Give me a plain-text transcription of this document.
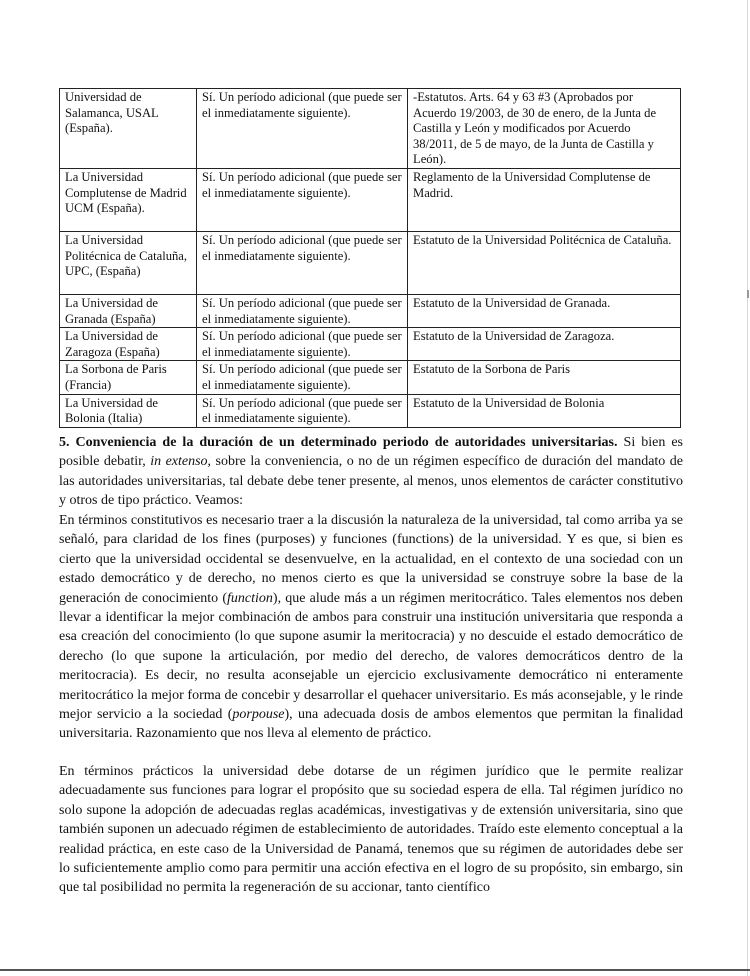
Universidad de Salamanca, USAL (España).	Sí. Un período adicional (que puede ser el inmediatamente siguiente).	-Estatutos. Arts. 64 y 63 #3 (Aprobados por Acuerdo 19/2003, de 30 de enero, de la Junta de Castilla y León y modificados por Acuerdo 38/2011, de 5 de mayo, de la Junta de Castilla y León).
La Universidad Complutense de Madrid UCM (España).	Sí. Un período adicional (que puede ser el inmediatamente siguiente).	Reglamento de la Universidad Complutense de Madrid.
La Universidad Politécnica de Cataluña, UPC, (España)	Sí. Un período adicional (que puede ser el inmediatamente siguiente).	Estatuto de la Universidad Politécnica de Cataluña.
La Universidad de Granada (España)	Sí. Un período adicional (que puede ser el inmediatamente siguiente).	Estatuto de la Universidad de Granada.
La Universidad de Zaragoza (España)	Sí. Un período adicional (que puede ser el inmediatamente siguiente).	Estatuto de la Universidad de Zaragoza.
La Sorbona de Paris (Francia)	Sí. Un período adicional (que puede ser el inmediatamente siguiente).	Estatuto de la Sorbona de Paris
La Universidad de Bolonia (Italia)	Sí. Un período adicional (que puede ser el inmediatamente siguiente).	Estatuto de la Universidad de Bolonia

5. Conveniencia de la duración de un determinado periodo de autoridades universitarias. Si bien es posible debatir, in extenso, sobre la conveniencia, o no de un régimen específico de duración del mandato de las autoridades universitarias, tal debate debe tener presente, al menos, unos elementos de carácter constitutivo y otros de tipo práctico. Veamos:

En términos constitutivos es necesario traer a la discusión la naturaleza de la universidad, tal como arriba ya se señaló, para claridad de los fines (purposes) y funciones (functions) de la universidad. Y es que, si bien es cierto que la universidad occidental se desenvuelve, en la actualidad, en el contexto de una sociedad con un estado democrático y de derecho, no menos cierto es que la universidad se construye sobre la base de la generación de conocimiento (function), que alude más a un régimen meritocrático. Tales elementos nos deben llevar a identificar la mejor combinación de ambos para construir una institución universitaria que responda a esa creación del conocimiento (lo que supone asumir la meritocracia) y no descuide el estado democrático de derecho (lo que supone la articulación, por medio del derecho, de valores democráticos dentro de la meritocracia). Es decir, no resulta aconsejable un ejercicio exclusivamente democrático ni enteramente meritocrático la mejor forma de concebir y desarrollar el quehacer universitario. Es más aconsejable, y le rinde mejor servicio a la sociedad (porpouse), una adecuada dosis de ambos elementos que permitan la finalidad universitaria. Razonamiento que nos lleva al elemento de práctico.

En términos prácticos la universidad debe dotarse de un régimen jurídico que le permite realizar adecuadamente sus funciones para lograr el propósito que su sociedad espera de ella. Tal régimen jurídico no solo supone la adopción de adecuadas reglas académicas, investigativas y de extensión universitaria, sino que también suponen un adecuado régimen de establecimiento de autoridades. Traído este elemento conceptual a la realidad práctica, en este caso de la Universidad de Panamá, tenemos que su régimen de autoridades debe ser lo suficientemente amplio como para permitir una acción efectiva en el logro de su propósito, sin embargo, sin que tal posibilidad no permita la regeneración de su accionar, tanto científico
